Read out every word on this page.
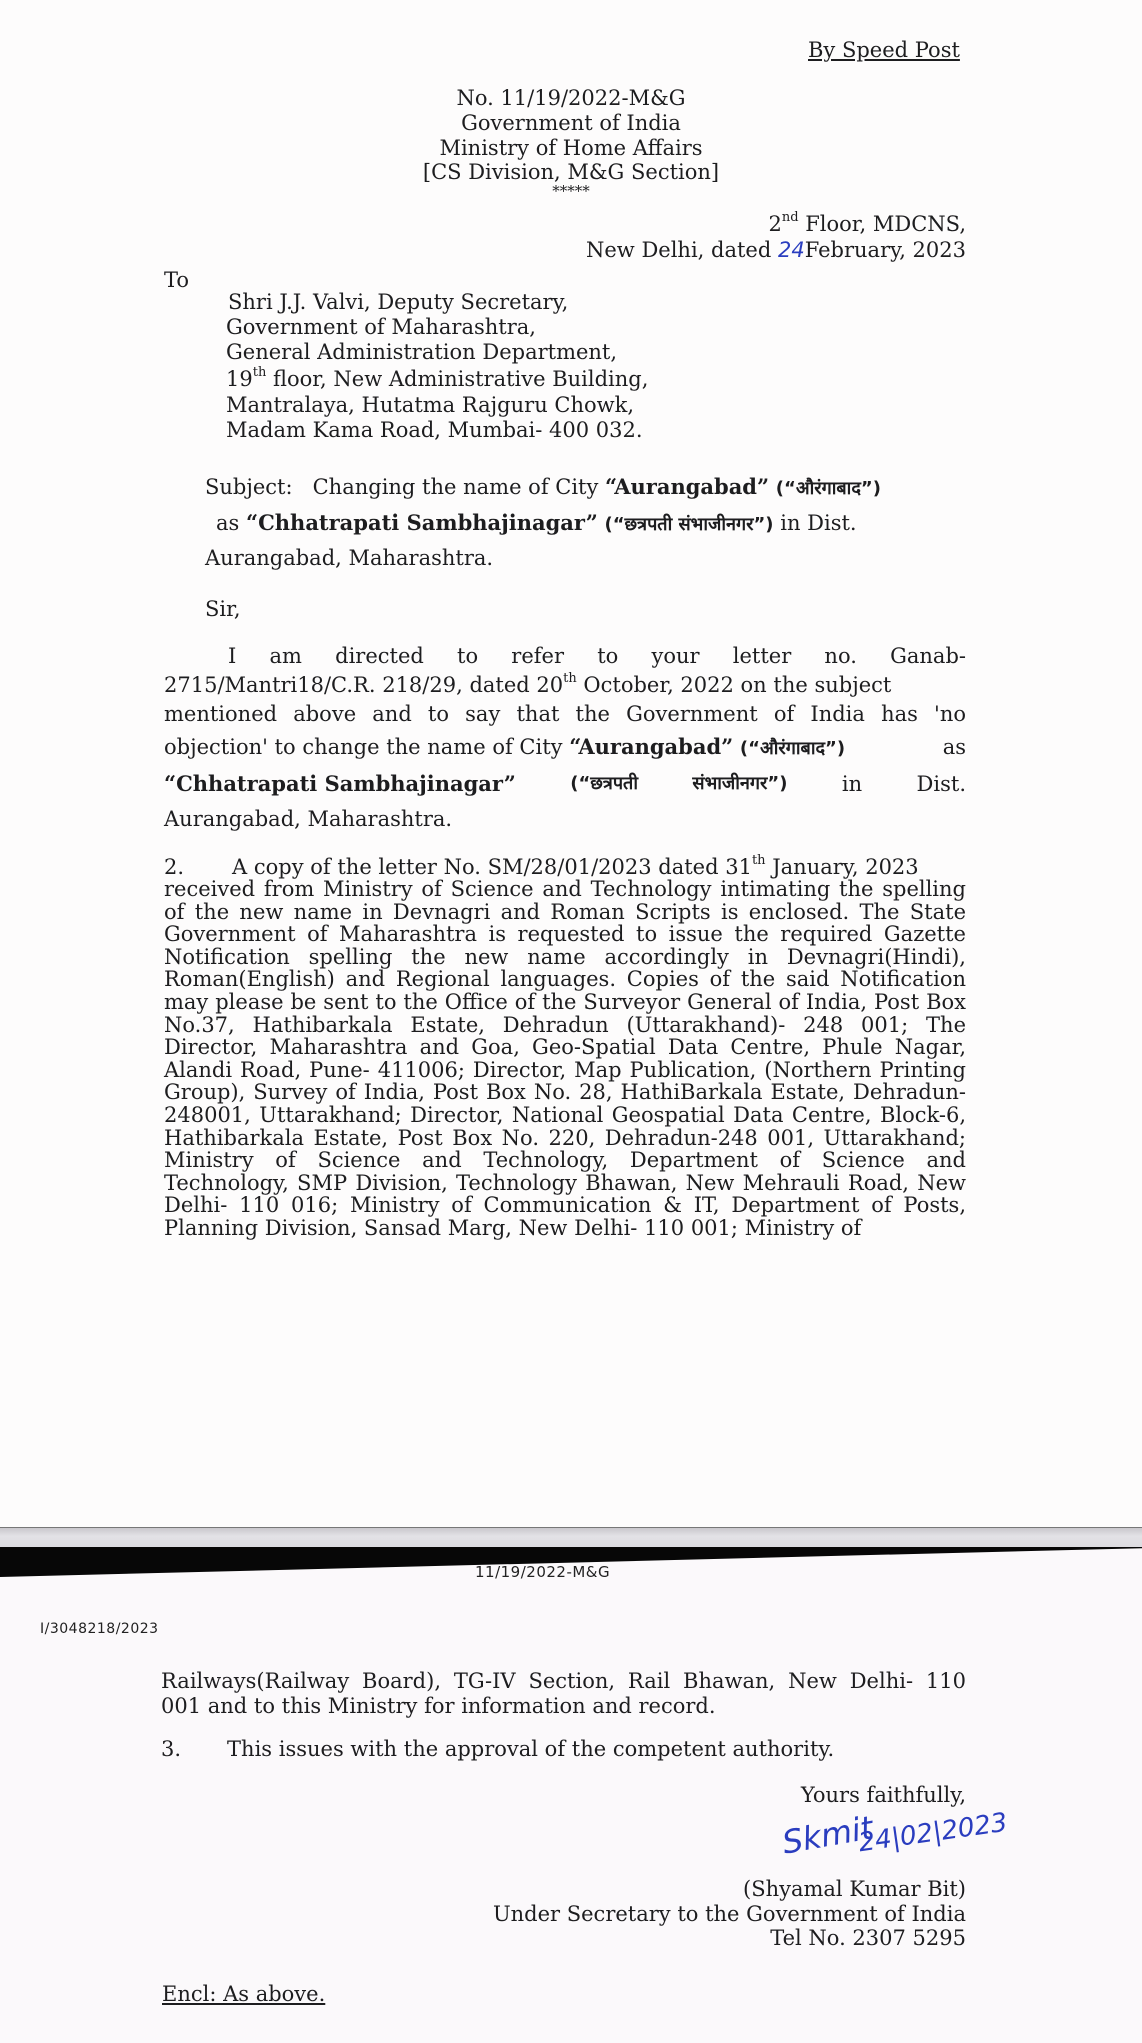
By Speed Post
No. 11/19/2022-M&G
Government of India
Ministry of Home Affairs
[CS Division, M&G Section]
*****
2nd Floor, MDCNS,
New Delhi, dated 24February, 2023
To
Shri J.J. Valvi, Deputy Secretary,
Government of Maharashtra,
General Administration Department,
19th floor, New Administrative Building,
Mantralaya, Hutatma Rajguru Chowk,
Madam Kama Road, Mumbai- 400 032.
Subject: Changing the name of City “Aurangabad” (“औरंगाबाद”)
as “Chhatrapati Sambhajinagar” (“छत्रपती संभाजीनगर”) in Dist.
Aurangabad, Maharashtra.
Sir,
I am directed to refer to your letter no. Ganab-
2715/Mantri18/C.R. 218/29, dated 20th October, 2022 on the subject
mentioned above and to say that the Government of India has 'no
objection' to change the name of City “Aurangabad” (“औरंगाबाद”)	as
“Chhatrapati Sambhajinagar”	(“छत्रपती	संभाजीनगर”)	in	Dist.
Aurangabad, Maharashtra.
2. A copy of the letter No. SM/28/01/2023 dated 31th January, 2023
received from Ministry of Science and Technology intimating the spelling of the new name in Devnagri and Roman Scripts is enclosed. The State Government of Maharashtra is requested to issue the required Gazette Notification spelling the new name accordingly in Devnagri(Hindi), Roman(English) and Regional languages. Copies of the said Notification may please be sent to the Office of the Surveyor General of India, Post Box No.37, Hathibarkala Estate, Dehradun (Uttarakhand)- 248 001; The Director, Maharashtra and Goa, Geo-Spatial Data Centre, Phule Nagar, Alandi Road, Pune- 411006; Director, Map Publication, (Northern Printing Group), Survey of India, Post Box No. 28, HathiBarkala Estate, Dehradun-248001, Uttarakhand; Director, National Geospatial Data Centre, Block-6, Hathibarkala Estate, Post Box No. 220, Dehradun-248 001, Uttarakhand; Ministry of Science and Technology, Department of Science and Technology, SMP Division, Technology Bhawan, New Mehrauli Road, New Delhi- 110 016; Ministry of Communication & IT, Department of Posts, Planning Division, Sansad Marg, New Delhi- 110 001; Ministry of
11/19/2022-M&G
I/3048218/2023
Railways(Railway Board), TG-IV Section, Rail Bhawan, New Delhi- 110
001 and to this Ministry for information and record.
3. This issues with the approval of the competent authority.
Yours faithfully,
Skmit
24|02|2023
(Shyamal Kumar Bit)
Under Secretary to the Government of India
Tel No. 2307 5295
Encl: As above.
